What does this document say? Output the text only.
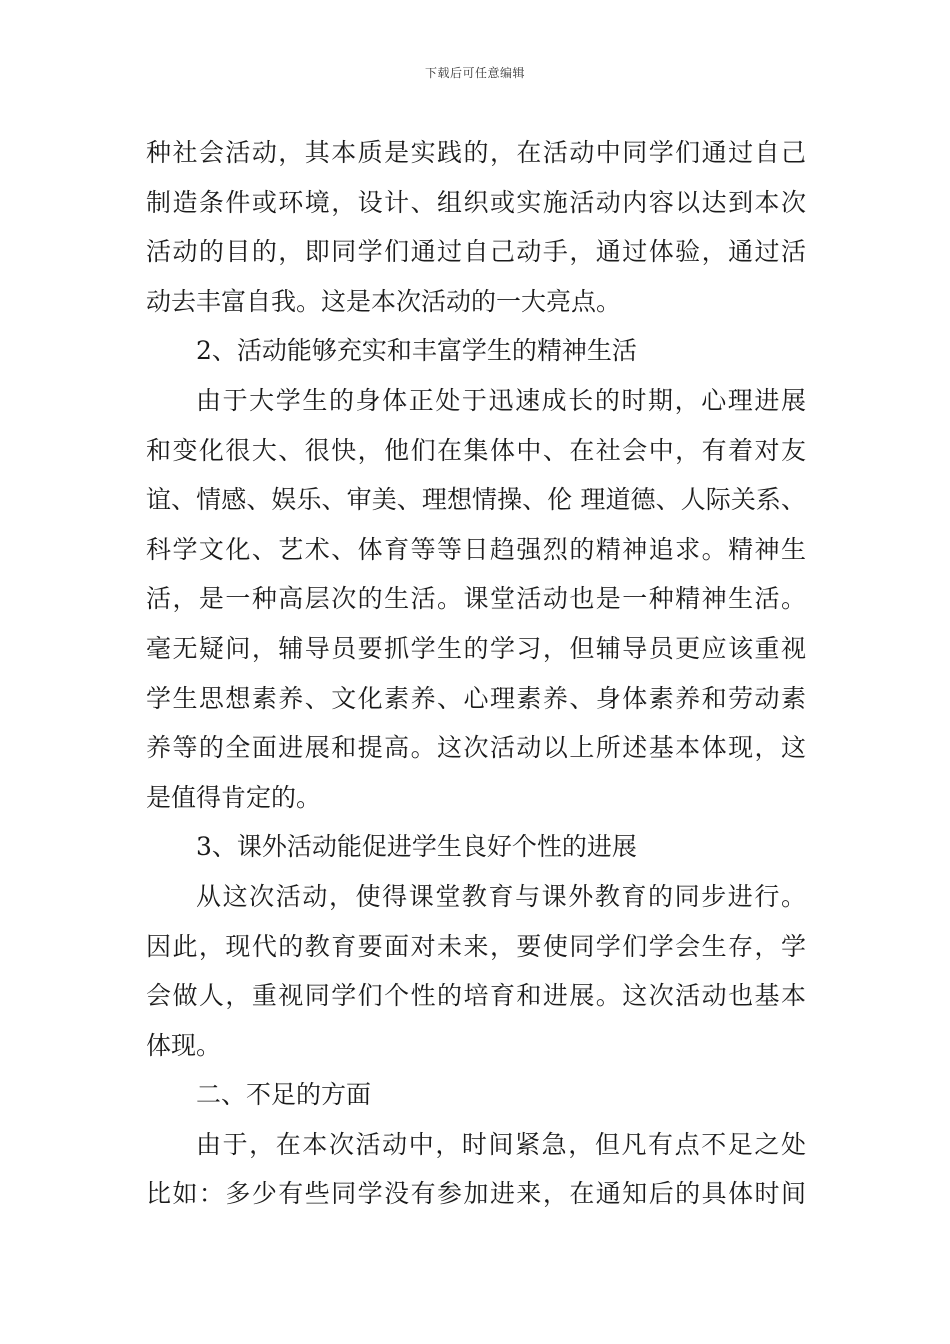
下载后可任意编辑
种社会活动，其本质是实践的，在活动中同学们通过自己
制造条件或环境，设计、组织或实施活动内容以达到本次
活动的目的，即同学们通过自己动手，通过体验，通过活
动去丰富自我。这是本次活动的一大亮点。
2、活动能够充实和丰富学生的精神生活
由于大学生的身体正处于迅速成长的时期，心理进展
和变化很大、很快，他们在集体中、在社会中，有着对友
谊、情感、娱乐、审美、理想情操、伦 理道德、人际关系、
科学文化、艺术、体育等等日趋强烈的精神追求。精神生
活，是一种高层次的生活。课堂活动也是一种精神生活。
毫无疑问，辅导员要抓学生的学习，但辅导员更应该重视
学生思想素养、文化素养、心理素养、身体素养和劳动素
养等的全面进展和提高。这次活动以上所述基本体现，这
是值得肯定的。
3、课外活动能促进学生良好个性的进展
从这次活动，使得课堂教育与课外教育的同步进行。
因此，现代的教育要面对未来，要使同学们学会生存，学
会做人，重视同学们个性的培育和进展。这次活动也基本
体现。
二、不足的方面
由于，在本次活动中，时间紧急，但凡有点不足之处
比如：多少有些同学没有参加进来，在通知后的具体时间
